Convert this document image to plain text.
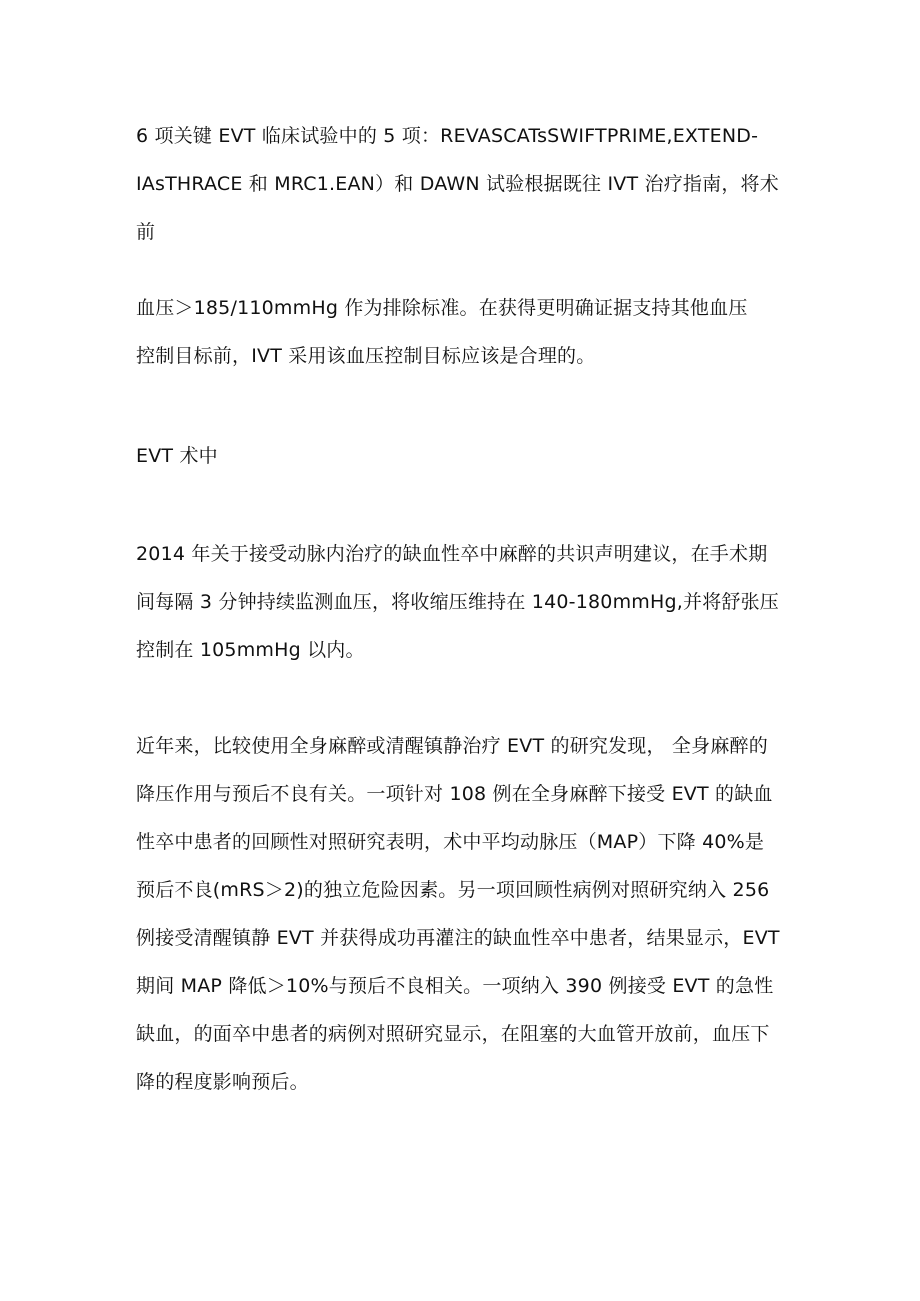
6 项关键 EVT 临床试验中的 5 项：REVASCATsSWIFTPRIME,EXTEND-
IAsTHRACE 和 MRC1.EAN）和 DAWN 试验根据既往 IVT 治疗指南，将术
前

血压＞185/110mmHg 作为排除标准。在获得更明确证据支持其他血压
控制目标前，IVT 采用该血压控制目标应该是合理的。

EVT 术中

2014 年关于接受动脉内治疗的缺血性卒中麻醉的共识声明建议，在手术期
间每隔 3 分钟持续监测血压，将收缩压维持在 140-180mmHg,并将舒张压
控制在 105mmHg 以内。

近年来，比较使用全身麻醉或清醒镇静治疗 EVT 的研究发现， 全身麻醉的
降压作用与预后不良有关。一项针对 108 例在全身麻醉下接受 EVT 的缺血
性卒中患者的回顾性对照研究表明，术中平均动脉压（MAP）下降 40%是
预后不良(mRS＞2)的独立危险因素。另一项回顾性病例对照研究纳入 256
例接受清醒镇静 EVT 并获得成功再灌注的缺血性卒中患者，结果显示，EVT
期间 MAP 降低＞10%与预后不良相关。一项纳入 390 例接受 EVT 的急性
缺血，的面卒中患者的病例对照研究显示，在阻塞的大血管开放前，血压下
降的程度影响预后。
